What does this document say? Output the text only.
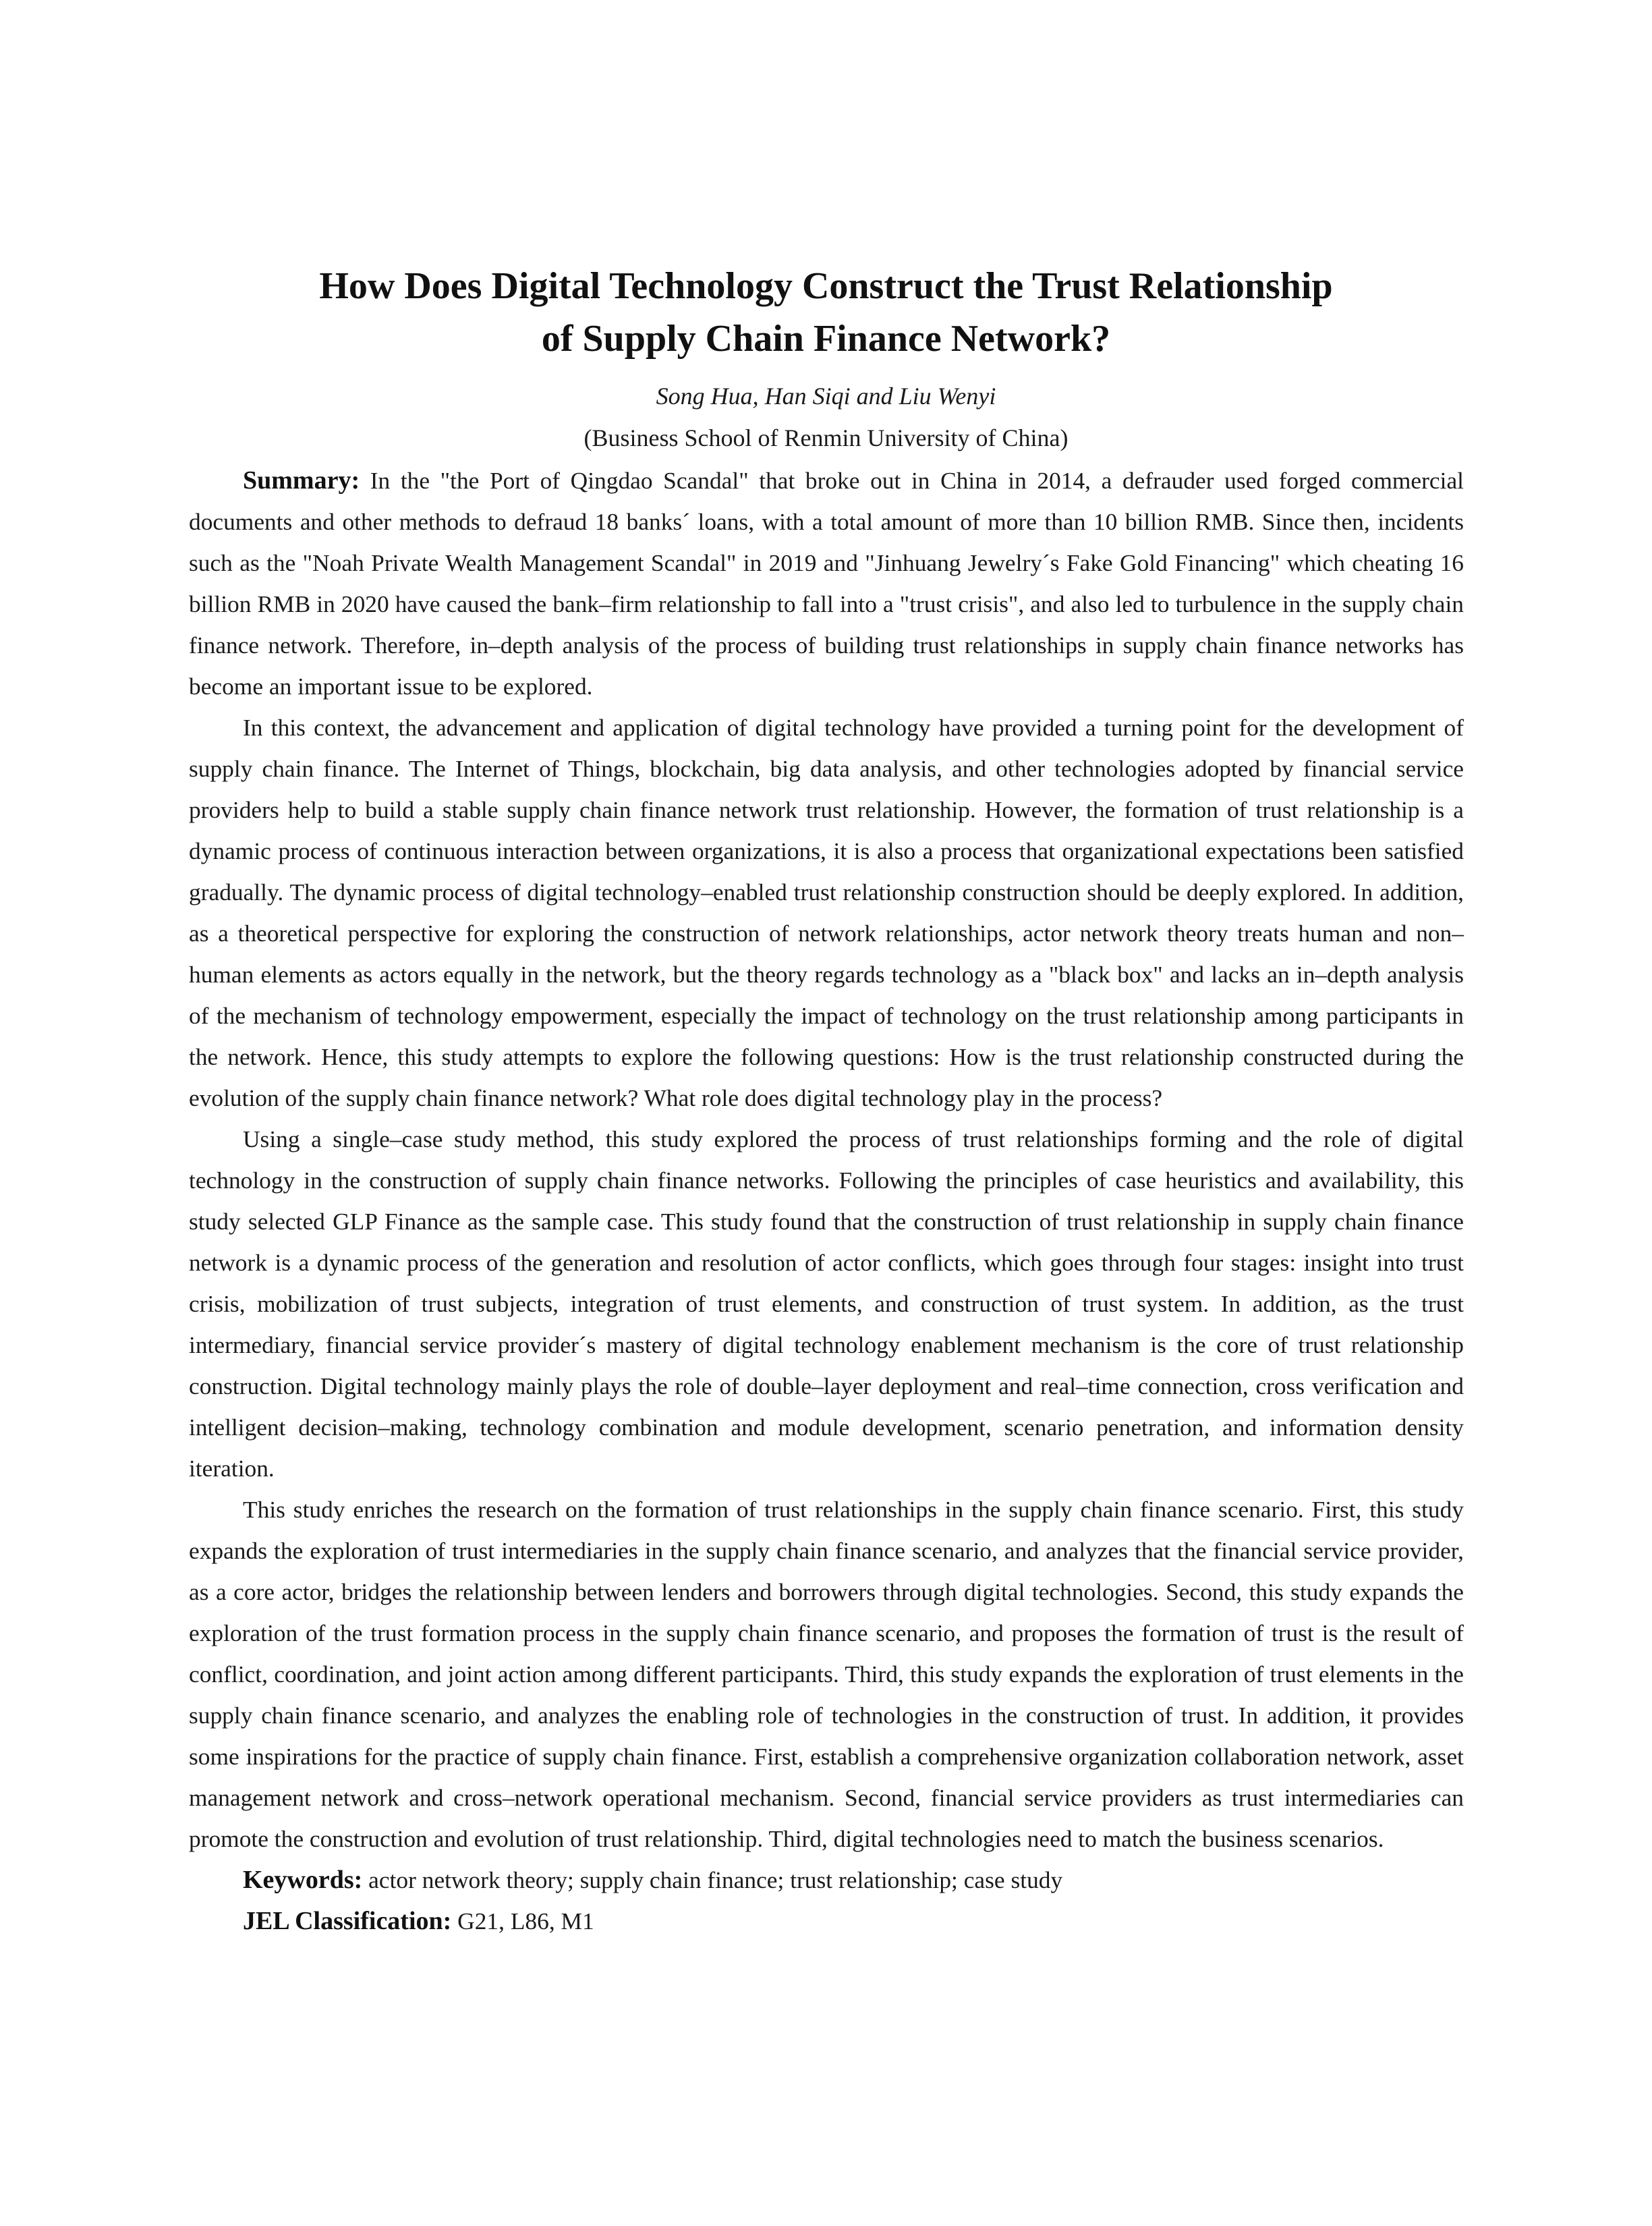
How Does Digital Technology Construct the Trust Relationship
of Supply Chain Finance Network?
Song Hua, Han Siqi and Liu Wenyi
(Business School of Renmin University of China)

Summary: In the "the Port of Qingdao Scandal" that broke out in China in 2014, a defrauder used forged commercial documents and other methods to defraud 18 banks´ loans, with a total amount of more than 10 billion RMB. Since then, incidents such as the "Noah Private Wealth Management Scandal" in 2019 and "Jinhuang Jewelry´s Fake Gold Financing" which cheating 16 billion RMB in 2020 have caused the bank–firm relationship to fall into a "trust crisis", and also led to turbulence in the supply chain finance network. Therefore, in–depth analysis of the process of building trust relationships in supply chain finance networks has become an important issue to be explored.

In this context, the advancement and application of digital technology have provided a turning point for the development of supply chain finance. The Internet of Things, blockchain, big data analysis, and other technologies adopted by financial service providers help to build a stable supply chain finance network trust relationship. However, the formation of trust relationship is a dynamic process of continuous interaction between organizations, it is also a process that organizational expectations been satisfied gradually. The dynamic process of digital technology–enabled trust relationship construction should be deeply explored. In addition, as a theoretical perspective for exploring the construction of network relationships, actor network theory treats human and non–human elements as actors equally in the network, but the theory regards technology as a "black box" and lacks an in–depth analysis of the mechanism of technology empowerment, especially the impact of technology on the trust relationship among participants in the network. Hence, this study attempts to explore the following questions: How is the trust relationship constructed during the evolution of the supply chain finance network? What role does digital technology play in the process?

Using a single–case study method, this study explored the process of trust relationships forming and the role of digital technology in the construction of supply chain finance networks. Following the principles of case heuristics and availability, this study selected GLP Finance as the sample case. This study found that the construction of trust relationship in supply chain finance network is a dynamic process of the generation and resolution of actor conflicts, which goes through four stages: insight into trust crisis, mobilization of trust subjects, integration of trust elements, and construction of trust system. In addition, as the trust intermediary, financial service provider´s mastery of digital technology enablement mechanism is the core of trust relationship construction. Digital technology mainly plays the role of double–layer deployment and real–time connection, cross verification and intelligent decision–making, technology combination and module development, scenario penetration, and information density iteration.

This study enriches the research on the formation of trust relationships in the supply chain finance scenario. First, this study expands the exploration of trust intermediaries in the supply chain finance scenario, and analyzes that the financial service provider, as a core actor, bridges the relationship between lenders and borrowers through digital technologies. Second, this study expands the exploration of the trust formation process in the supply chain finance scenario, and proposes the formation of trust is the result of conflict, coordination, and joint action among different participants. Third, this study expands the exploration of trust elements in the supply chain finance scenario, and analyzes the enabling role of technologies in the construction of trust. In addition, it provides some inspirations for the practice of supply chain finance. First, establish a comprehensive organization collaboration network, asset management network and cross–network operational mechanism. Second, financial service providers as trust intermediaries can promote the construction and evolution of trust relationship. Third, digital technologies need to match the business scenarios.

Keywords: actor network theory; supply chain finance; trust relationship; case study

JEL Classification: G21, L86, M1
